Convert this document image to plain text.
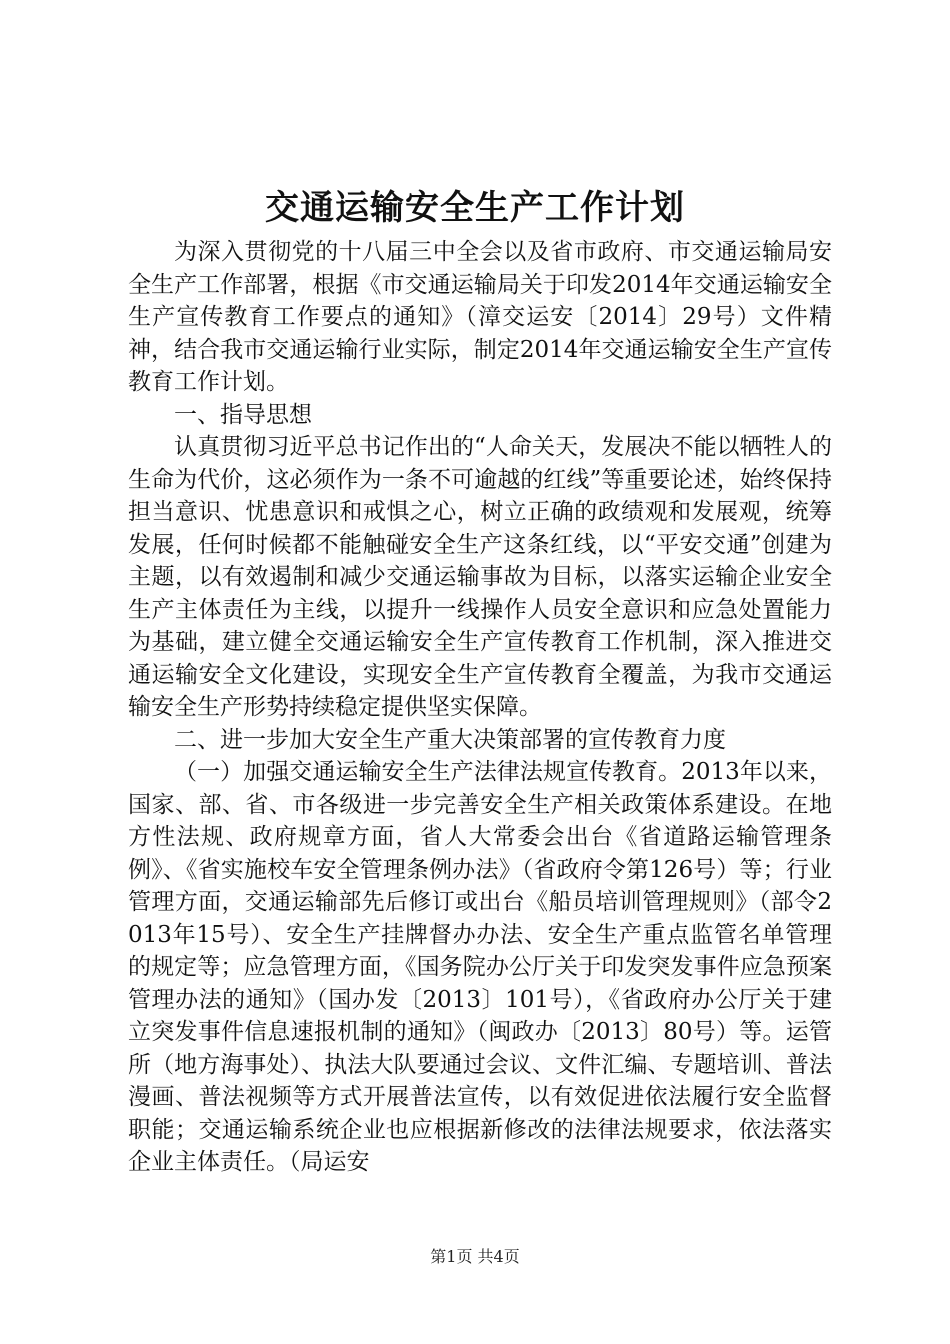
交通运输安全生产工作计划

为深入贯彻党的十八届三中全会以及省市政府、市交通运输局安全生产工作部署，根据《市交通运输局关于印发2014年交通运输安全生产宣传教育工作要点的通知》（漳交运安〔2014〕29号）文件精神，结合我市交通运输行业实际，制定2014年交通运输安全生产宣传教育工作计划。

一、指导思想

认真贯彻习近平总书记作出的“人命关天，发展决不能以牺牲人的生命为代价，这必须作为一条不可逾越的红线”等重要论述，始终保持担当意识、忧患意识和戒惧之心，树立正确的政绩观和发展观，统筹发展，任何时候都不能触碰安全生产这条红线，以“平安交通”创建为主题，以有效遏制和减少交通运输事故为目标，以落实运输企业安全生产主体责任为主线，以提升一线操作人员安全意识和应急处置能力为基础，建立健全交通运输安全生产宣传教育工作机制，深入推进交通运输安全文化建设，实现安全生产宣传教育全覆盖，为我市交通运输安全生产形势持续稳定提供坚实保障。

二、进一步加大安全生产重大决策部署的宣传教育力度

（一）加强交通运输安全生产法律法规宣传教育。2013年以来，国家、部、省、市各级进一步完善安全生产相关政策体系建设。在地方性法规、政府规章方面，省人大常委会出台《省道路运输管理条例》、《省实施校车安全管理条例办法》（省政府令第126号）等；行业管理方面，交通运输部先后修订或出台《船员培训管理规则》（部令2013年15号）、安全生产挂牌督办办法、安全生产重点监管名单管理的规定等；应急管理方面，《国务院办公厅关于印发突发事件应急预案管理办法的通知》（国办发〔2013〕101号），《省政府办公厅关于建立突发事件信息速报机制的通知》（闽政办〔2013〕80号）等。运管所（地方海事处）、执法大队要通过会议、文件汇编、专题培训、普法漫画、普法视频等方式开展普法宣传，以有效促进依法履行安全监督职能；交通运输系统企业也应根据新修改的法律法规要求，依法落实企业主体责任。（局运安

第1页 共4页
